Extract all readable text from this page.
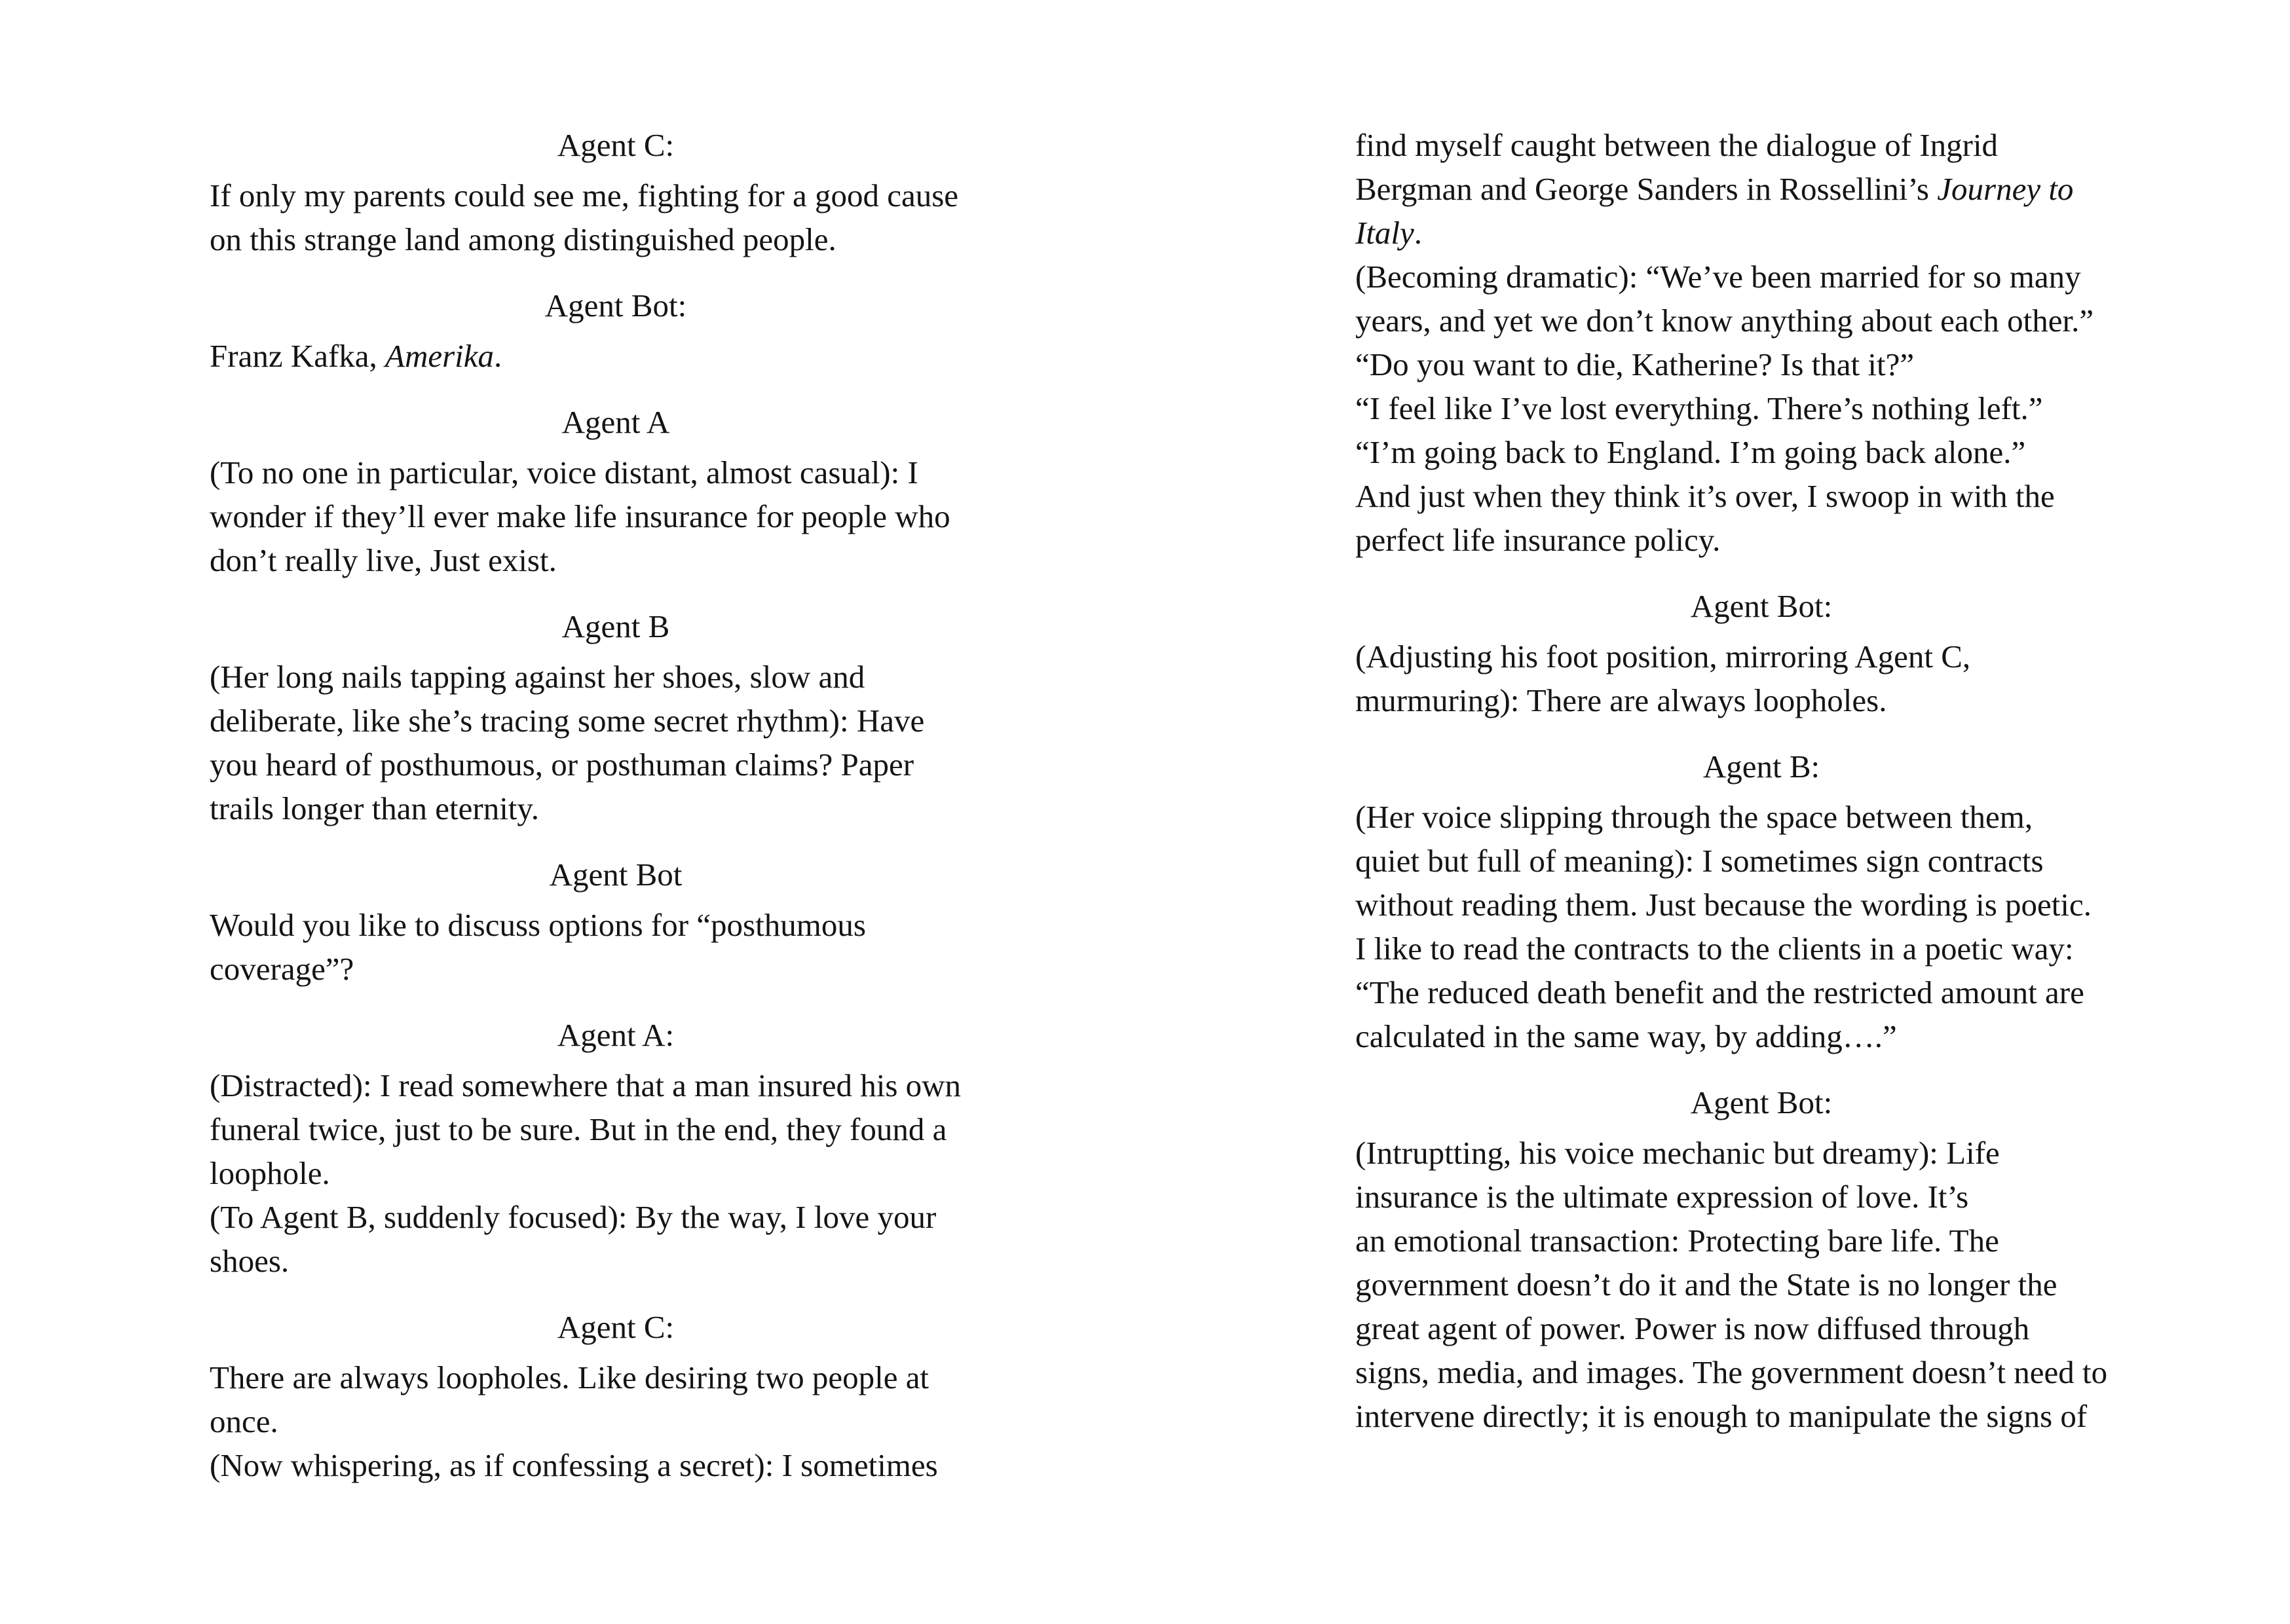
Agent C:

If only my parents could see me, fighting for a good cause
on this strange land among distinguished people.

Agent Bot:

Franz Kafka, Amerika.

Agent A

(To no one in particular, voice distant, almost casual): I
wonder if they’ll ever make life insurance for people who
don’t really live, Just exist.

Agent B

(Her long nails tapping against her shoes, slow and
deliberate, like she’s tracing some secret rhythm): Have
you heard of posthumous, or posthuman claims? Paper
trails longer than eternity.

Agent Bot

Would you like to discuss options for “posthumous
coverage”?

Agent A:

(Distracted): I read somewhere that a man insured his own
funeral twice, just to be sure. But in the end, they found a
loophole.
(To Agent B, suddenly focused): By the way, I love your
shoes.

Agent C:

There are always loopholes. Like desiring two people at
once.
(Now whispering, as if confessing a secret): I sometimes
find myself caught between the dialogue of Ingrid
Bergman and George Sanders in Rossellini’s Journey to
Italy.
(Becoming dramatic): “We’ve been married for so many
years, and yet we don’t know anything about each other.”
“Do you want to die, Katherine? Is that it?”
“I feel like I’ve lost everything. There’s nothing left.”
“I’m going back to England. I’m going back alone.”
And just when they think it’s over, I swoop in with the
perfect life insurance policy.

Agent Bot:

(Adjusting his foot position, mirroring Agent C,
murmuring): There are always loopholes.

Agent B:

(Her voice slipping through the space between them,
quiet but full of meaning): I sometimes sign contracts
without reading them. Just because the wording is poetic.
I like to read the contracts to the clients in a poetic way:
“The reduced death benefit and the restricted amount are
calculated in the same way, by adding….”

Agent Bot:

(Intruptting, his voice mechanic but dreamy): Life
insurance is the ultimate expression of love. It’s
an emotional transaction: Protecting bare life. The
government doesn’t do it and the State is no longer the
great agent of power. Power is now diffused through
signs, media, and images. The government doesn’t need to
intervene directly; it is enough to manipulate the signs of
